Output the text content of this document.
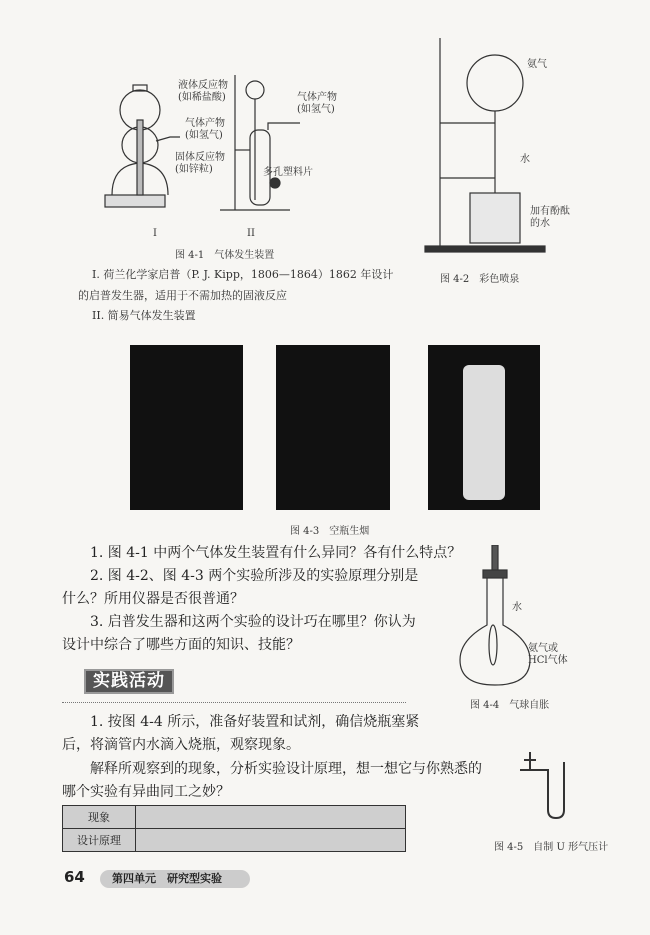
液体反应物
(如稀盐酸)
气体产物
(如氢气)
固体反应物
(如锌粒)
气体产物
(如氢气)
多孔塑料片
I	II
图 4-1　气体发生装置
I. 荷兰化学家启普（P. J. Kipp，1806—1864）1862 年设计
的启普发生器，适用于不需加热的固液反应
II. 简易气体发生装置
氨气
水
加有酚酞
的水
图 4-2　彩色喷泉
图 4-3　空瓶生烟
1. 图 4-1 中两个气体发生装置有什么异同？各有什么特点？
2. 图 4-2、图 4-3 两个实验所涉及的实验原理分别是
什么？所用仪器是否很普通？
3. 启普发生器和这两个实验的设计巧在哪里？你认为
设计中综合了哪些方面的知识、技能？
水
氨气或
HCl气体
图 4-4　气球自胀
实践活动
1. 按图 4-4 所示，准备好装置和试剂，确信烧瓶塞紧
后，将滴管内水滴入烧瓶，观察现象。
解释所观察到的现象，分析实验设计原理，想一想它与你熟悉的
哪个实验有异曲同工之妙？
现象	
设计原理	
图 4-5　自制 U 形气压计
64	第四单元　研究型实验
